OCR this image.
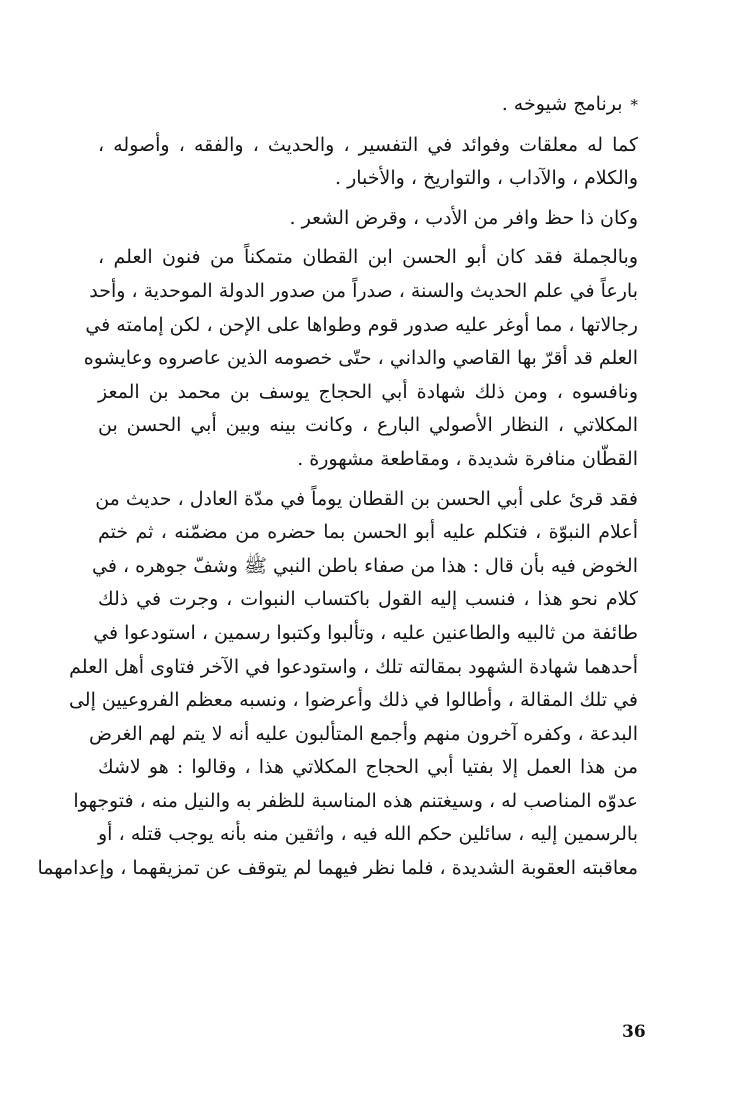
*برنامج شيوخه .
كما له معلقات وفوائد في التفسير ، والحديث ، والفقه ، وأصوله ،
والكلام ، والآداب ، والتواريخ ، والأخبار .
وكان ذا حظ وافر من الأدب ، وقرض الشعر .
وبالجملة فقد كان أبو الحسن ابن القطان متمكناً من فنون العلم ،
بارعاً في علم الحديث والسنة ، صدراً من صدور الدولة الموحدية ، وأحد
رجالاتها ، مما أوغر عليه صدور قوم وطواها على الإحن ، لكن إمامته في
العلم قد أقرّ بها القاصي والداني ، حتّى خصومه الذين عاصروه وعايشوه
ونافسوه ، ومن ذلك شهادة أبي الحجاج يوسف بن محمد بن المعز
المكلاتي ، النظار الأصولي البارع ، وكانت بينه وبين أبي الحسن بن
القطّان منافرة شديدة ، ومقاطعة مشهورة .
فقد قرئ على أبي الحسن بن القطان يوماً في مدّة العادل ، حديث من
أعلام النبوّة ، فتكلم عليه أبو الحسن بما حضره من مضمّنه ، ثم ختم
الخوض فيه بأن قال : هذا من صفاء باطن النبي ﷺ وشفّ جوهره ، في
كلام نحو هذا ، فنسب إليه القول باكتساب النبوات ، وجرت في ذلك
طائفة من ثالبيه والطاعنين عليه ، وتألبوا وكتبوا رسمين ، استودعوا في
أحدهما شهادة الشهود بمقالته تلك ، واستودعوا في الآخر فتاوى أهل العلم
في تلك المقالة ، وأطالوا في ذلك وأعرضوا ، ونسبه معظم الفروعيين إلى
البدعة ، وكفره آخرون منهم وأجمع المتألبون عليه أنه لا يتم لهم الغرض
من هذا العمل إلا بفتيا أبي الحجاج المكلاتي هذا ، وقالوا : هو لاشك
عدوّه المناصب له ، وسيغتنم هذه المناسبة للظفر به والنيل منه ، فتوجهوا
بالرسمين إليه ، سائلين حكم الله فيه ، واثقين منه بأنه يوجب قتله ، أو
معاقبته العقوبة الشديدة ، فلما نظر فيهما لم يتوقف عن تمزيقهما ، وإعدامهما
36
